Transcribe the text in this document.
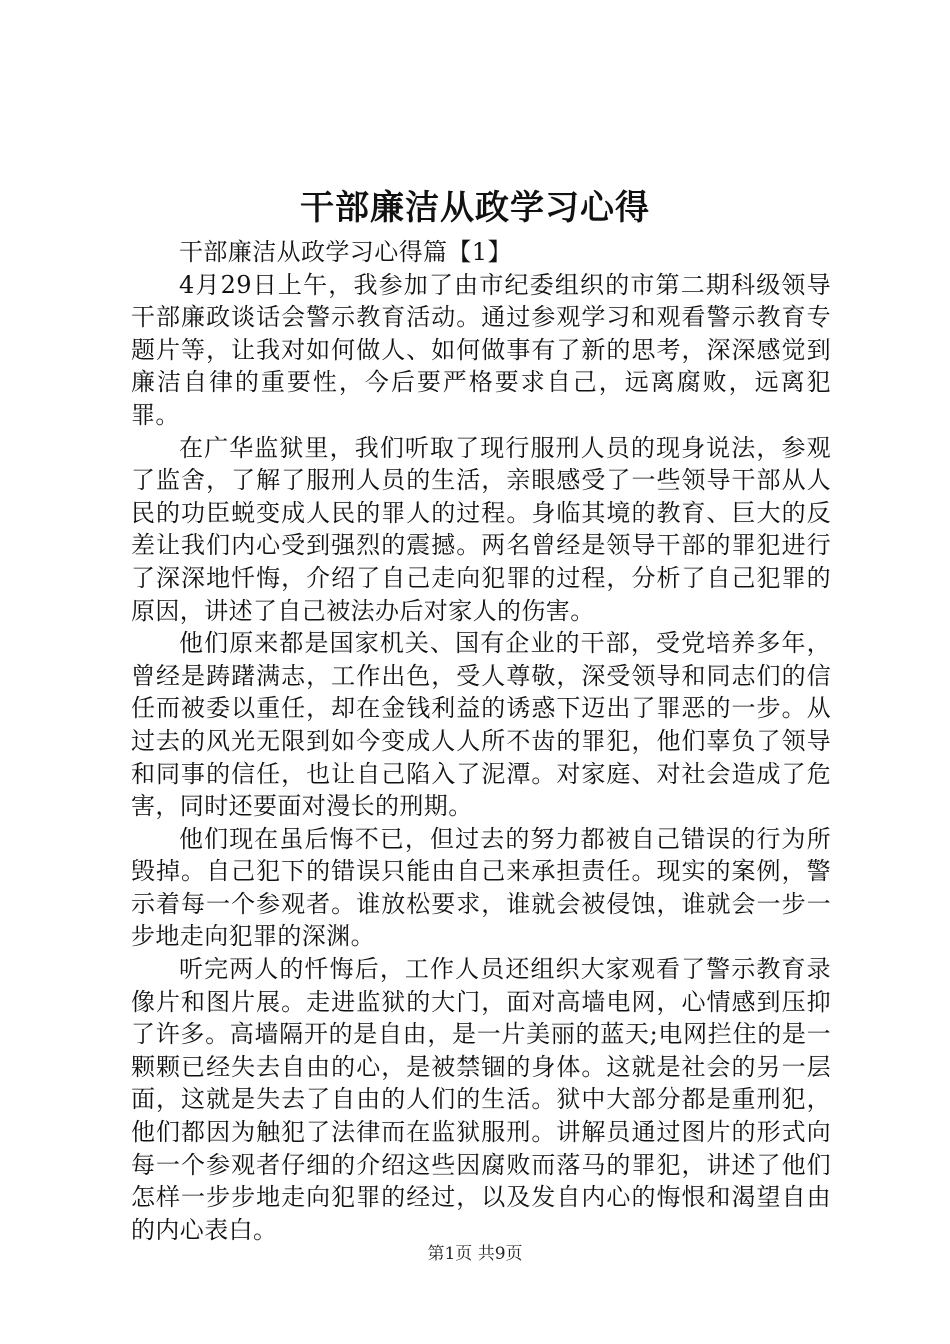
干部廉洁从政学习心得

干部廉洁从政学习心得篇【1】

4月29日上午，我参加了由市纪委组织的市第二期科级领导干部廉政谈话会警示教育活动。通过参观学习和观看警示教育专题片等，让我对如何做人、如何做事有了新的思考，深深感觉到廉洁自律的重要性，今后要严格要求自己，远离腐败，远离犯罪。

在广华监狱里，我们听取了现行服刑人员的现身说法，参观了监舍，了解了服刑人员的生活，亲眼感受了一些领导干部从人民的功臣蜕变成人民的罪人的过程。身临其境的教育、巨大的反差让我们内心受到强烈的震撼。两名曾经是领导干部的罪犯进行了深深地忏悔，介绍了自己走向犯罪的过程，分析了自己犯罪的原因，讲述了自己被法办后对家人的伤害。

他们原来都是国家机关、国有企业的干部，受党培养多年，曾经是踌躇满志，工作出色，受人尊敬，深受领导和同志们的信任而被委以重任，却在金钱利益的诱惑下迈出了罪恶的一步。从过去的风光无限到如今变成人人所不齿的罪犯，他们辜负了领导和同事的信任，也让自己陷入了泥潭。对家庭、对社会造成了危害，同时还要面对漫长的刑期。

他们现在虽后悔不已，但过去的努力都被自己错误的行为所毁掉。自己犯下的错误只能由自己来承担责任。现实的案例，警示着每一个参观者。谁放松要求，谁就会被侵蚀，谁就会一步一步地走向犯罪的深渊。

听完两人的忏悔后，工作人员还组织大家观看了警示教育录像片和图片展。走进监狱的大门，面对高墙电网，心情感到压抑了许多。高墙隔开的是自由，是一片美丽的蓝天;电网拦住的是一颗颗已经失去自由的心，是被禁锢的身体。这就是社会的另一层面，这就是失去了自由的人们的生活。狱中大部分都是重刑犯，他们都因为触犯了法律而在监狱服刑。讲解员通过图片的形式向每一个参观者仔细的介绍这些因腐败而落马的罪犯，讲述了他们怎样一步步地走向犯罪的经过，以及发自内心的悔恨和渴望自由的内心表白。

第1页 共9页
